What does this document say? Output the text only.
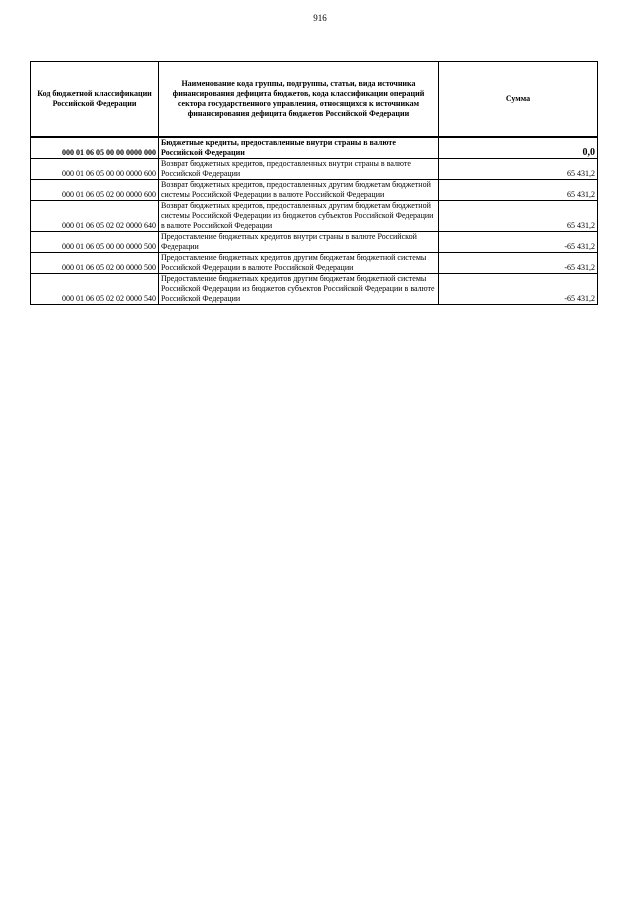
916
Код бюджетной классификации Российской Федерации	Наименование кода группы, подгруппы, статьи, вида источника финансирования дефицита бюджетов, кода классификации операций сектора государственного управления, относящихся к источникам финансирования дефицита бюджетов Российской Федерации	Сумма
000 01 06 05 00 00 0000 000	Бюджетные кредиты, предоставленные внутри страны в валюте Российской Федерации	0,0
000 01 06 05 00 00 0000 600	Возврат бюджетных кредитов, предоставленных внутри страны в валюте Российской Федерации	65 431,2
000 01 06 05 02 00 0000 600	Возврат бюджетных кредитов, предоставленных другим бюджетам бюджетной системы Российской Федерации в валюте Российской Федерации	65 431,2
000 01 06 05 02 02 0000 640	Возврат бюджетных кредитов, предоставленных другим бюджетам бюджетной системы Российской Федерации из бюджетов субъектов Российской Федерации в валюте Российской Федерации	65 431,2
000 01 06 05 00 00 0000 500	Предоставление бюджетных кредитов внутри страны в валюте Российской Федерации	-65 431,2
000 01 06 05 02 00 0000 500	Предоставление бюджетных кредитов другим бюджетам бюджетной системы Российской Федерации в валюте Российской Федерации	-65 431,2
000 01 06 05 02 02 0000 540	Предоставление бюджетных кредитов другим бюджетам бюджетной системы Российской Федерации из бюджетов субъектов Российской Федерации в валюте Российской Федерации	-65 431,2
